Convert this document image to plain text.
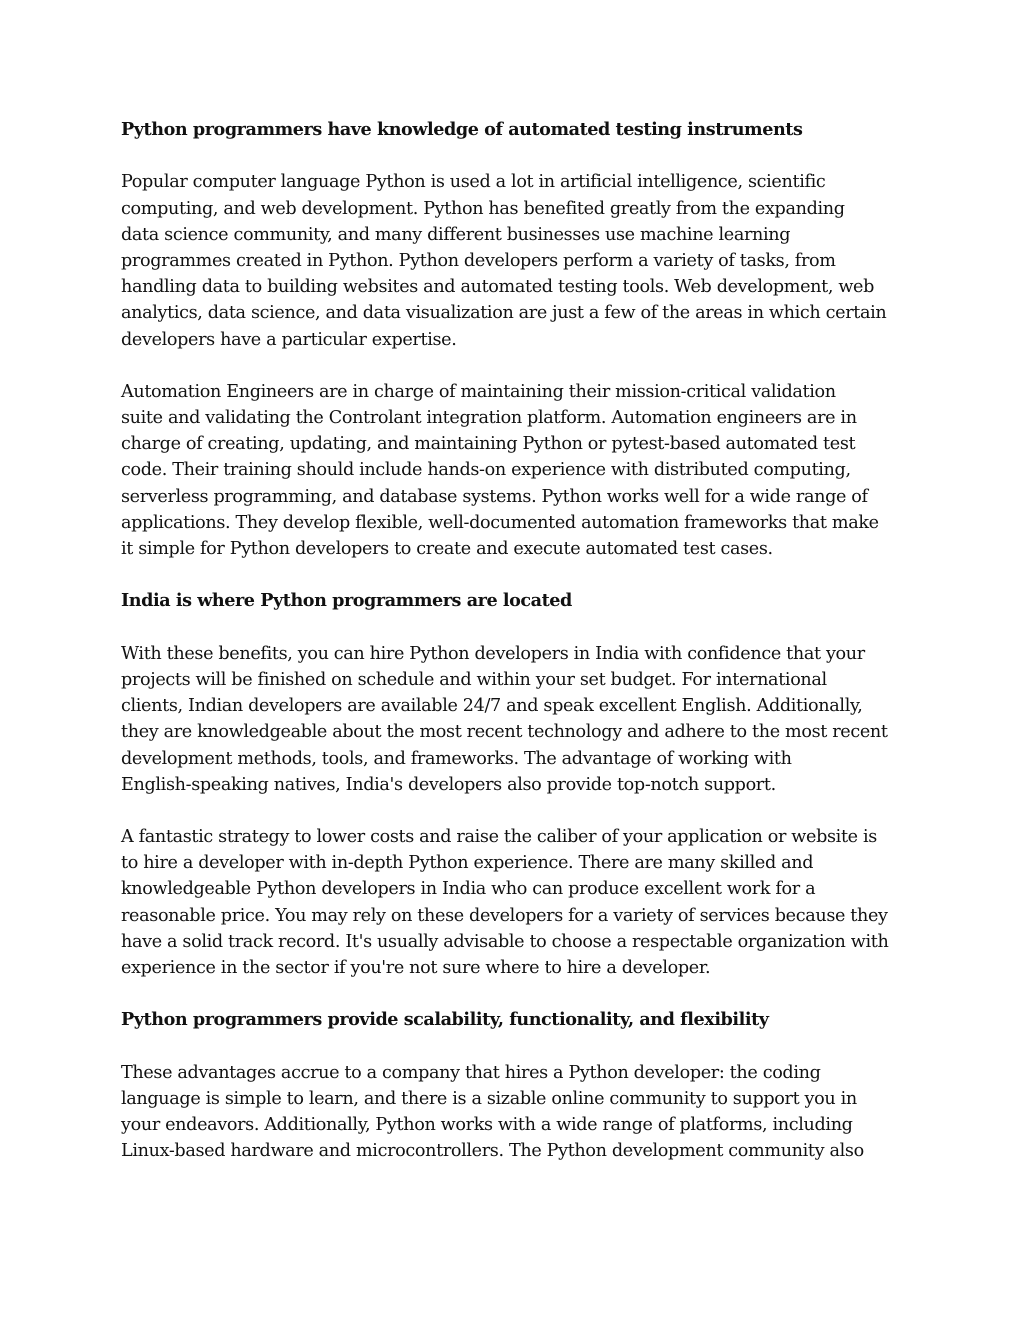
Python programmers have knowledge of automated testing instruments
Popular computer language Python is used a lot in artificial intelligence, scientific
computing, and web development. Python has benefited greatly from the expanding
data science community, and many different businesses use machine learning
programmes created in Python. Python developers perform a variety of tasks, from
handling data to building websites and automated testing tools. Web development, web
analytics, data science, and data visualization are just a few of the areas in which certain
developers have a particular expertise.
Automation Engineers are in charge of maintaining their mission-critical validation
suite and validating the Controlant integration platform. Automation engineers are in
charge of creating, updating, and maintaining Python or pytest-based automated test
code. Their training should include hands-on experience with distributed computing,
serverless programming, and database systems. Python works well for a wide range of
applications. They develop flexible, well-documented automation frameworks that make
it simple for Python developers to create and execute automated test cases.
India is where Python programmers are located
With these benefits, you can hire Python developers in India with confidence that your
projects will be finished on schedule and within your set budget. For international
clients, Indian developers are available 24/7 and speak excellent English. Additionally,
they are knowledgeable about the most recent technology and adhere to the most recent
development methods, tools, and frameworks. The advantage of working with
English-speaking natives, India's developers also provide top-notch support.
A fantastic strategy to lower costs and raise the caliber of your application or website is
to hire a developer with in-depth Python experience. There are many skilled and
knowledgeable Python developers in India who can produce excellent work for a
reasonable price. You may rely on these developers for a variety of services because they
have a solid track record. It's usually advisable to choose a respectable organization with
experience in the sector if you're not sure where to hire a developer.
Python programmers provide scalability, functionality, and flexibility
These advantages accrue to a company that hires a Python developer: the coding
language is simple to learn, and there is a sizable online community to support you in
your endeavors. Additionally, Python works with a wide range of platforms, including
Linux-based hardware and microcontrollers. The Python development community also
